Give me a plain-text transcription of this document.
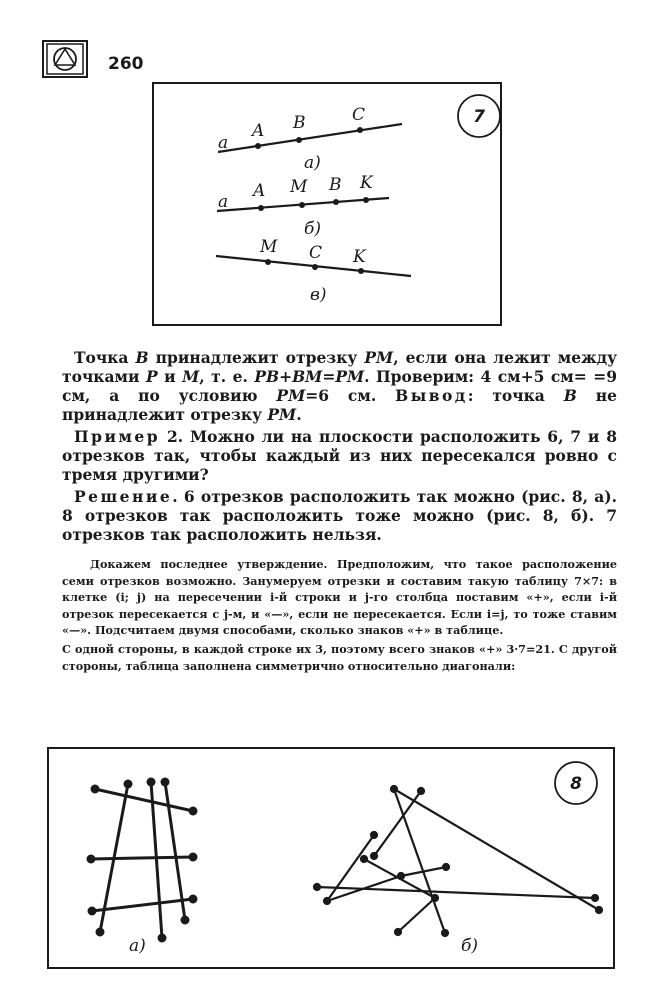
260
7
a
A B	C
а)
a
A M B K
б)
M C K
в)

Точка B принадлежит отрезку PM, если она лежит между точками P и M, т. е. PB+BM=PM. Проверим: 4 см+5 см= =9 см, а по условию PM=6 см. Вывод: точка B не принадлежит отрезку PM.

Пример 2. Можно ли на плоскости расположить 6, 7 и 8 отрезков так, чтобы каждый из них пересекался ровно с тремя другими?

Решение. 6 отрезков расположить так можно (рис. 8, а). 8 отрезков так расположить тоже можно (рис. 8, б). 7 отрезков так расположить нельзя.

Докажем последнее утверждение. Предположим, что такое расположение семи отрезков возможно. Занумеруем отрезки и составим такую таблицу 7×7: в клетке (i; j) на пересечении i-й строки и j-го столбца поставим «+», если i-й отрезок пересекается с j-м, и «—», если не пересекается. Если i=j, то тоже ставим «—». Подсчитаем двумя способами, сколько знаков «+» в таблице.

С одной стороны, в каждой строке их 3, поэтому всего знаков «+» 3·7=21. С другой стороны, таблица заполнена симметрично относительно диагонали:

8
а)	б)
